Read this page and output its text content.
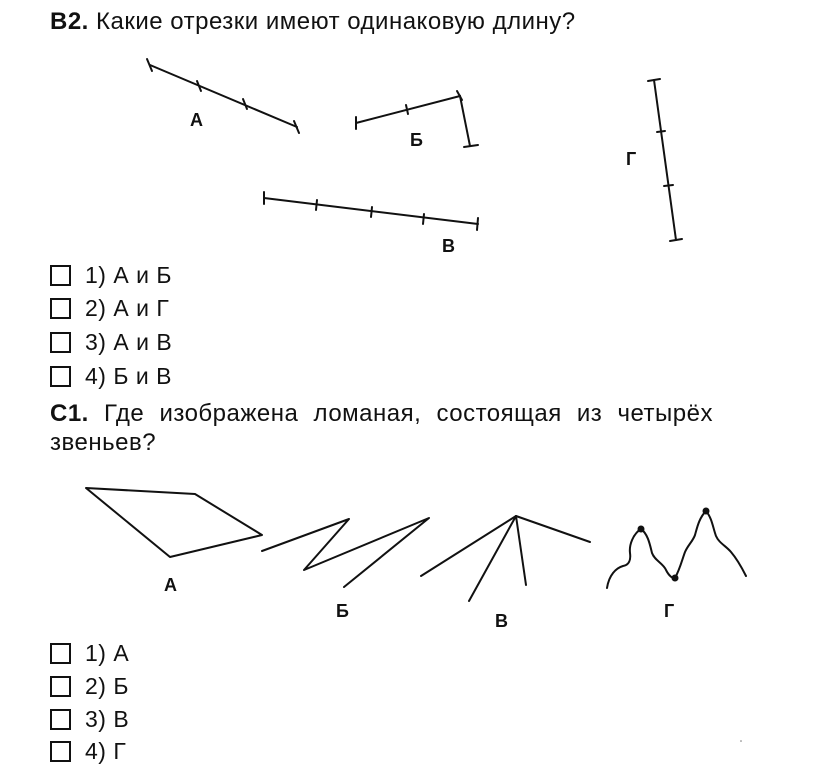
В2. Какие отрезки имеют одинаковую длину?

А
Б
В
Г
А
Б	В	Г
1)
А и Б
2)
А и Г
3)
А и В
4)
Б и В

С1. Где изображена ломаная, состоящая из четырёх звеньев?

1)
А
2)
Б
3)
В
4)
Г
